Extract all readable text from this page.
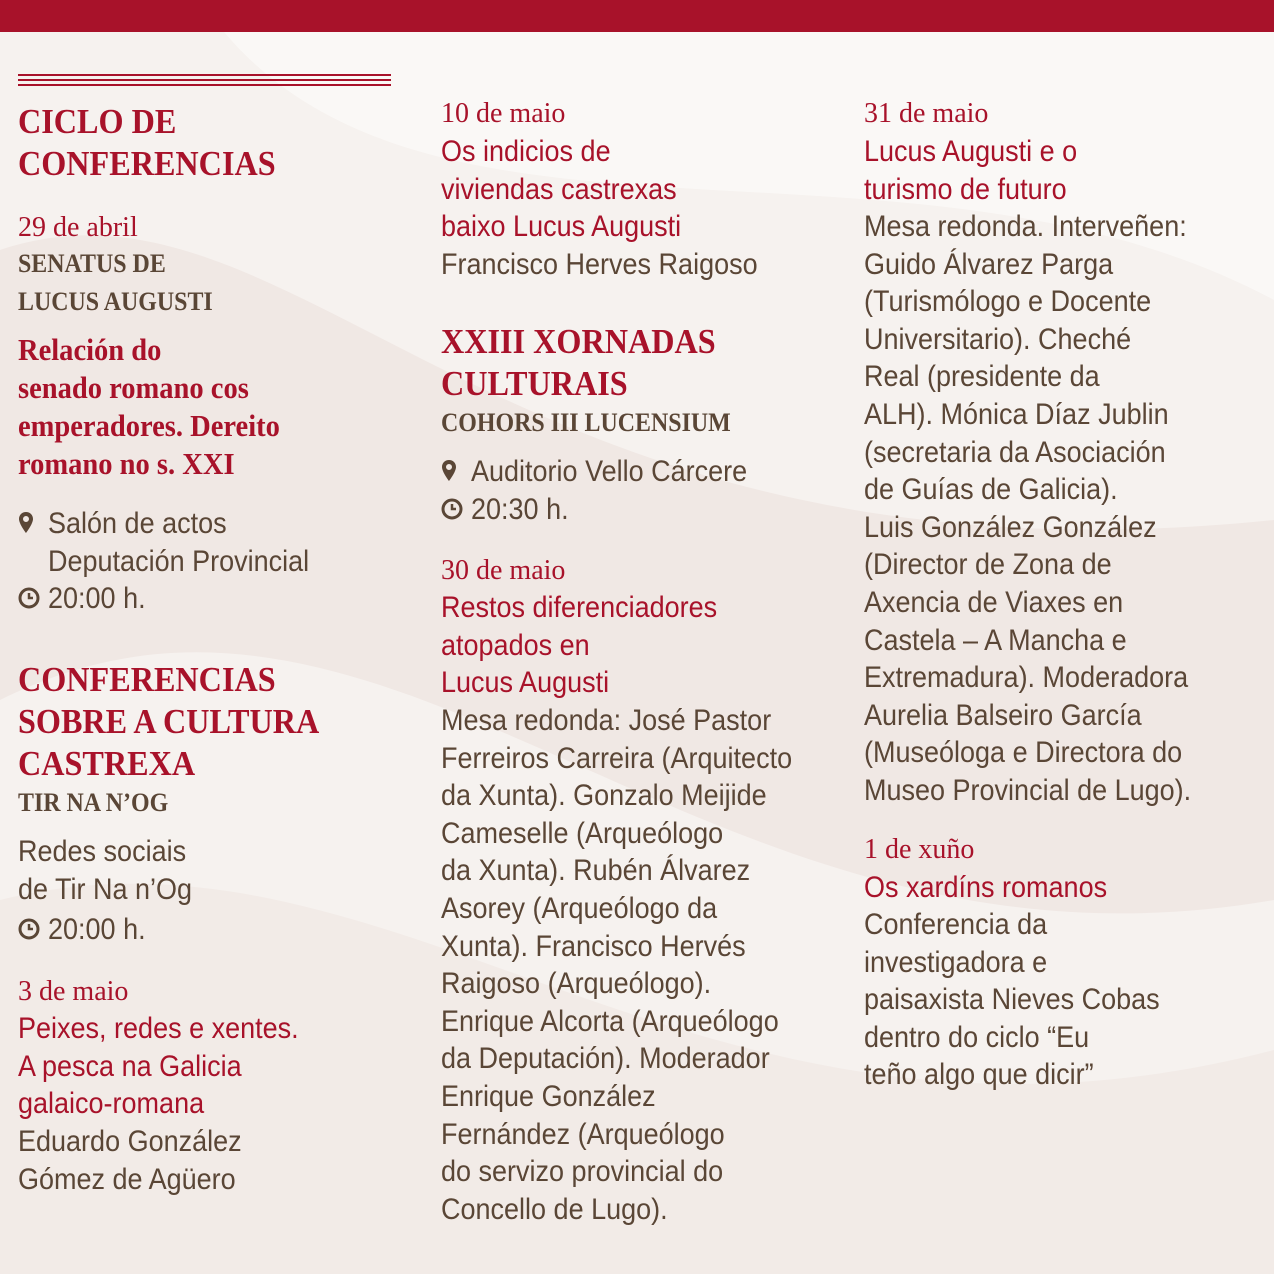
CICLO DE
CONFERENCIAS
29 de abril
SENATUS DE
LUCUS AUGUSTI
Relación do
senado romano cos
emperadores. Dereito
romano no s. XXI
Salón de actos
Deputación Provincial
20:00 h.
CONFERENCIAS
SOBRE A CULTURA
CASTREXA
TIR NA N’OG
Redes sociais
de Tir Na n’Og
20:00 h.
3 de maio
Peixes, redes e xentes.
A pesca na Galicia
galaico-romana
Eduardo González
Gómez de Agüero
10 de maio
Os indicios de
viviendas castrexas
baixo Lucus Augusti
Francisco Herves Raigoso
XXIII XORNADAS
CULTURAIS
COHORS III LUCENSIUM
Auditorio Vello Cárcere
20:30 h.
30 de maio
Restos diferenciadores
atopados en
Lucus Augusti
Mesa redonda: José Pastor
Ferreiros Carreira (Arquitecto
da Xunta). Gonzalo Meijide
Cameselle (Arqueólogo
da Xunta). Rubén Álvarez
Asorey (Arqueólogo da
Xunta). Francisco Hervés
Raigoso (Arqueólogo).
Enrique Alcorta (Arqueólogo
da Deputación). Moderador
Enrique González
Fernández (Arqueólogo
do servizo provincial do
Concello de Lugo).
31 de maio
Lucus Augusti e o
turismo de futuro
Mesa redonda. Interveñen:
Guido Álvarez Parga
(Turismólogo e Docente
Universitario). Cheché
Real (presidente da
ALH). Mónica Díaz Jublin
(secretaria da Asociación
de Guías de Galicia).
Luis González González
(Director de Zona de
Axencia de Viaxes en
Castela – A Mancha e
Extremadura). Moderadora
Aurelia Balseiro García
(Museóloga e Directora do
Museo Provincial de Lugo).
1 de xuño
Os xardíns romanos
Conferencia da
investigadora e
paisaxista Nieves Cobas
dentro do ciclo “Eu
teño algo que dicir”
